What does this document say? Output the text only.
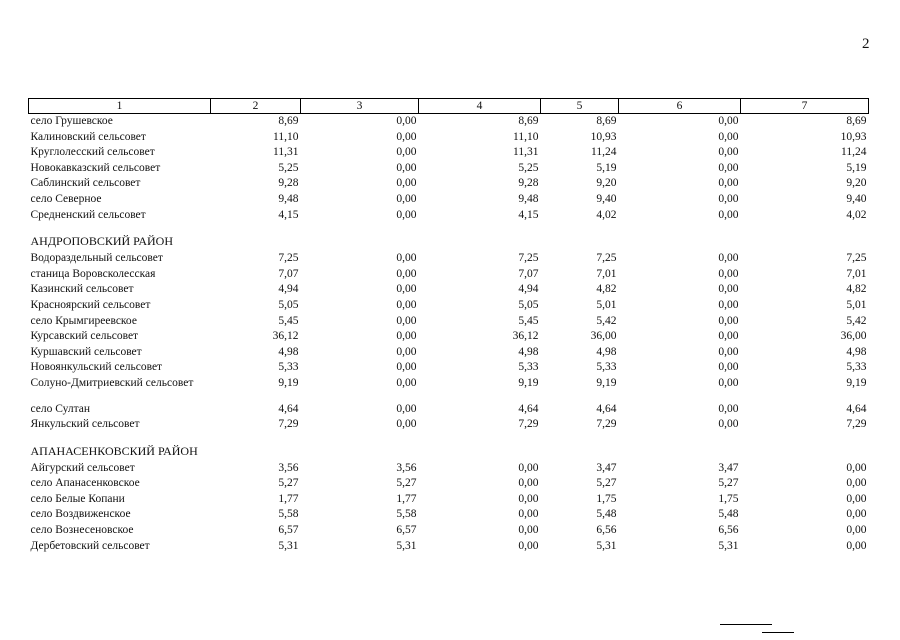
2
1	2	3	4	5	6	7
село Грушевское	8,69	0,00	8,69	8,69	0,00	8,69
Калиновский сельсовет	11,10	0,00	11,10	10,93	0,00	10,93
Круглолесский сельсовет	11,31	0,00	11,31	11,24	0,00	11,24
Новокавказский сельсовет	5,25	0,00	5,25	5,19	0,00	5,19
Саблинский сельсовет	9,28	0,00	9,28	9,20	0,00	9,20
село Северное	9,48	0,00	9,48	9,40	0,00	9,40
Средненский сельсовет	4,15	0,00	4,15	4,02	0,00	4,02
АНДРОПОВСКИЙ РАЙОН						
Водораздельный сельсовет	7,25	0,00	7,25	7,25	0,00	7,25
станица Воровсколесская	7,07	0,00	7,07	7,01	0,00	7,01
Казинский сельсовет	4,94	0,00	4,94	4,82	0,00	4,82
Красноярский сельсовет	5,05	0,00	5,05	5,01	0,00	5,01
село Крымгиреевское	5,45	0,00	5,45	5,42	0,00	5,42
Курсавский сельсовет	36,12	0,00	36,12	36,00	0,00	36,00
Куршавский сельсовет	4,98	0,00	4,98	4,98	0,00	4,98
Новоянкульский сельсовет	5,33	0,00	5,33	5,33	0,00	5,33
Солуно-Дмитриевский сельсовет	9,19	0,00	9,19	9,19	0,00	9,19

село Султан	4,64	0,00	4,64	4,64	0,00	4,64
Янкульский сельсовет	7,29	0,00	7,29	7,29	0,00	7,29
АПАНАСЕНКОВСКИЙ РАЙОН						
Айгурский сельсовет	3,56	3,56	0,00	3,47	3,47	0,00
село Апанасенковское	5,27	5,27	0,00	5,27	5,27	0,00
село Белые Копани	1,77	1,77	0,00	1,75	1,75	0,00
село Воздвиженское	5,58	5,58	0,00	5,48	5,48	0,00
село Вознесеновское	6,57	6,57	0,00	6,56	6,56	0,00
Дербетовский сельсовет	5,31	5,31	0,00	5,31	5,31	0,00
